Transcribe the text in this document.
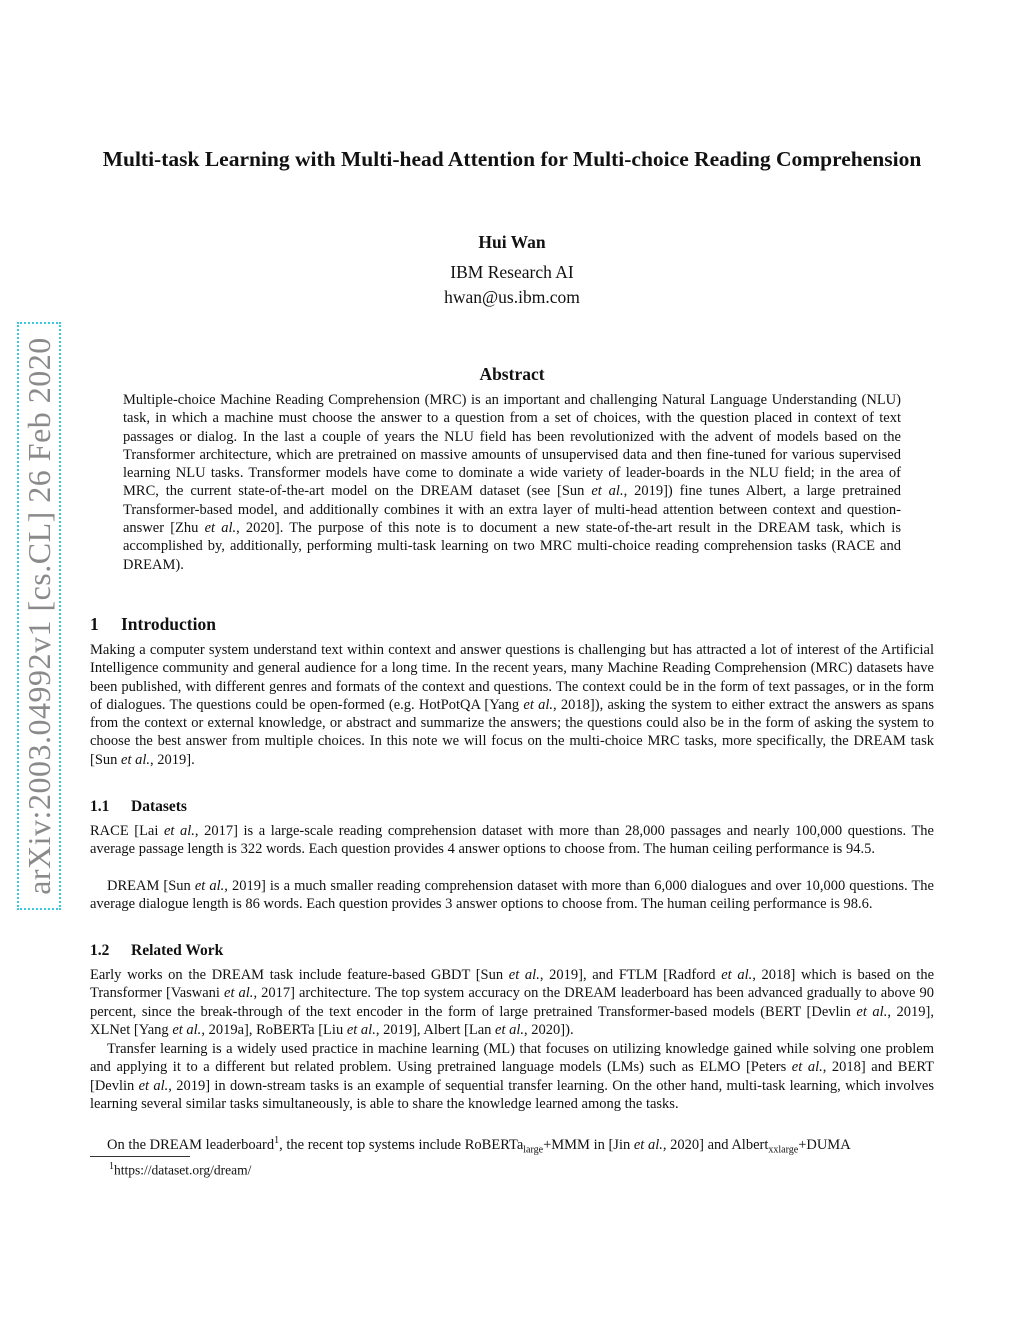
arXiv:2003.04992v1 [cs.CL] 26 Feb 2020
Multi-task Learning with Multi-head Attention for Multi-choice Reading Comprehension
Hui Wan
IBM Research AI
hwan@us.ibm.com
Abstract

Multiple-choice Machine Reading Comprehension (MRC) is an important and challenging Natural Language Understanding (NLU) task, in which a machine must choose the answer to a question from a set of choices, with the question placed in context of text passages or dialog. In the last a couple of years the NLU field has been revolutionized with the advent of models based on the Transformer architecture, which are pretrained on massive amounts of unsupervised data and then fine-tuned for various supervised learning NLU tasks. Transformer models have come to dominate a wide variety of leader-boards in the NLU field; in the area of MRC, the current state-of-the-art model on the DREAM dataset (see [Sun et al., 2019]) fine tunes Albert, a large pretrained Transformer-based model, and additionally combines it with an extra layer of multi-head attention between context and question-answer [Zhu et al., 2020]. The purpose of this note is to document a new state-of-the-art result in the DREAM task, which is accomplished by, additionally, performing multi-task learning on two MRC multi-choice reading comprehension tasks (RACE and DREAM).

1 Introduction

Making a computer system understand text within context and answer questions is challenging but has attracted a lot of interest of the Artificial Intelligence community and general audience for a long time. In the recent years, many Machine Reading Comprehension (MRC) datasets have been published, with different genres and formats of the context and questions. The context could be in the form of text passages, or in the form of dialogues. The questions could be open-formed (e.g. HotPotQA [Yang et al., 2018]), asking the system to either extract the answers as spans from the context or external knowledge, or abstract and summarize the answers; the questions could also be in the form of asking the system to choose the best answer from multiple choices. In this note we will focus on the multi-choice MRC tasks, more specifically, the DREAM task [Sun et al., 2019].

1.1 Datasets

RACE [Lai et al., 2017] is a large-scale reading comprehension dataset with more than 28,000 passages and nearly 100,000 questions. The average passage length is 322 words. Each question provides 4 answer options to choose from. The human ceiling performance is 94.5.

DREAM [Sun et al., 2019] is a much smaller reading comprehension dataset with more than 6,000 dialogues and over 10,000 questions. The average dialogue length is 86 words. Each question provides 3 answer options to choose from. The human ceiling performance is 98.6.

1.2 Related Work

Early works on the DREAM task include feature-based GBDT [Sun et al., 2019], and FTLM [Radford et al., 2018] which is based on the Transformer [Vaswani et al., 2017] architecture. The top system accuracy on the DREAM leaderboard has been advanced gradually to above 90 percent, since the break-through of the text encoder in the form of large pretrained Transformer-based models (BERT [Devlin et al., 2019], XLNet [Yang et al., 2019a], RoBERTa [Liu et al., 2019], Albert [Lan et al., 2020]).

Transfer learning is a widely used practice in machine learning (ML) that focuses on utilizing knowledge gained while solving one problem and applying it to a different but related problem. Using pretrained language models (LMs) such as ELMO [Peters et al., 2018] and BERT [Devlin et al., 2019] in down-stream tasks is an example of sequential transfer learning. On the other hand, multi-task learning, which involves learning several similar tasks simultaneously, is able to share the knowledge learned among the tasks.

On the DREAM leaderboard$^1$, the recent top systems include RoBERTa$_{large}$+MMM in [Jin et al., 2020] and Albert$_{xxlarge}$+DUMA

$^1$https://dataset.org/dream/
